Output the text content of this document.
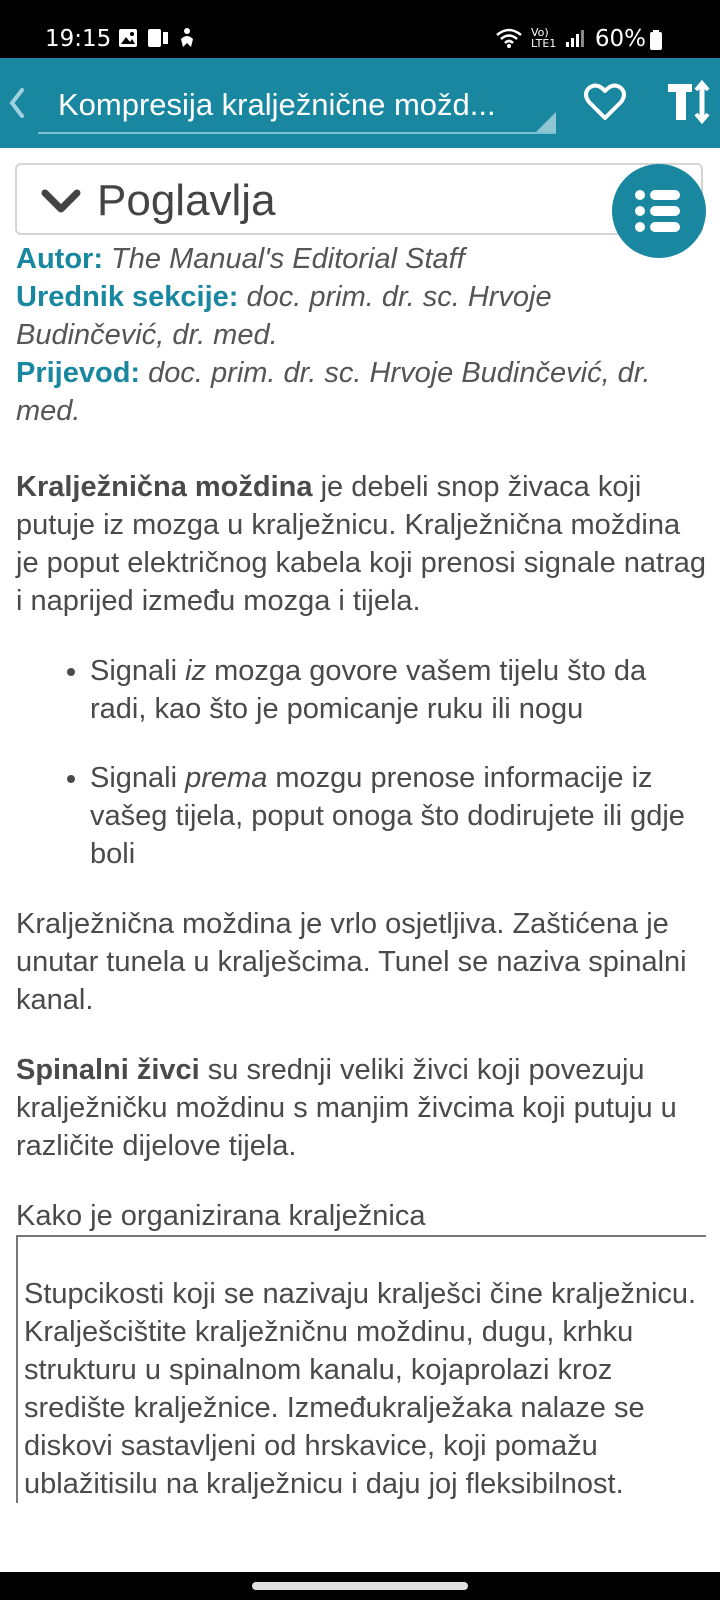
19:15	Vo) LTE1 60%
Kompresija kralježnične možd...
Poglavlja

Autor: The Manual's Editorial Staff

Urednik sekcije: doc. prim. dr. sc. Hrvoje Budinčević, dr. med.

Prijevod: doc. prim. dr. sc. Hrvoje Budinčević, dr. med.

Kralježnična moždina je debeli snop živaca koji putuje iz mozga u kralježnicu. Kralježnična moždina je poput električnog kabela koji prenosi signale natrag i naprijed između mozga i tijela.

• Signali iz mozga govore vašem tijelu što da radi, kao što je pomicanje ruku ili nogu
• Signali prema mozgu prenose informacije iz vašeg tijela, poput onoga što dodirujete ili gdje boli

Kralježnična moždina je vrlo osjetljiva. Zaštićena je unutar tunela u kralješcima. Tunel se naziva spinalni kanal.

Spinalni živci su srednji veliki živci koji povezuju kralježničku moždinu s manjim živcima koji putuju u različite dijelove tijela.

Kako je organizirana kralježnica

Stupcikosti koji se nazivaju kralješci čine kralježnicu. Kralješcištite kralježničnu moždinu, dugu, krhku strukturu u spinalnom kanalu, kojaprolazi kroz središte kralježnice. Izmeđukralježaka nalaze se diskovi sastavljeni od hrskavice, koji pomažu ublažitisilu na kralježnicu i daju joj fleksibilnost.
